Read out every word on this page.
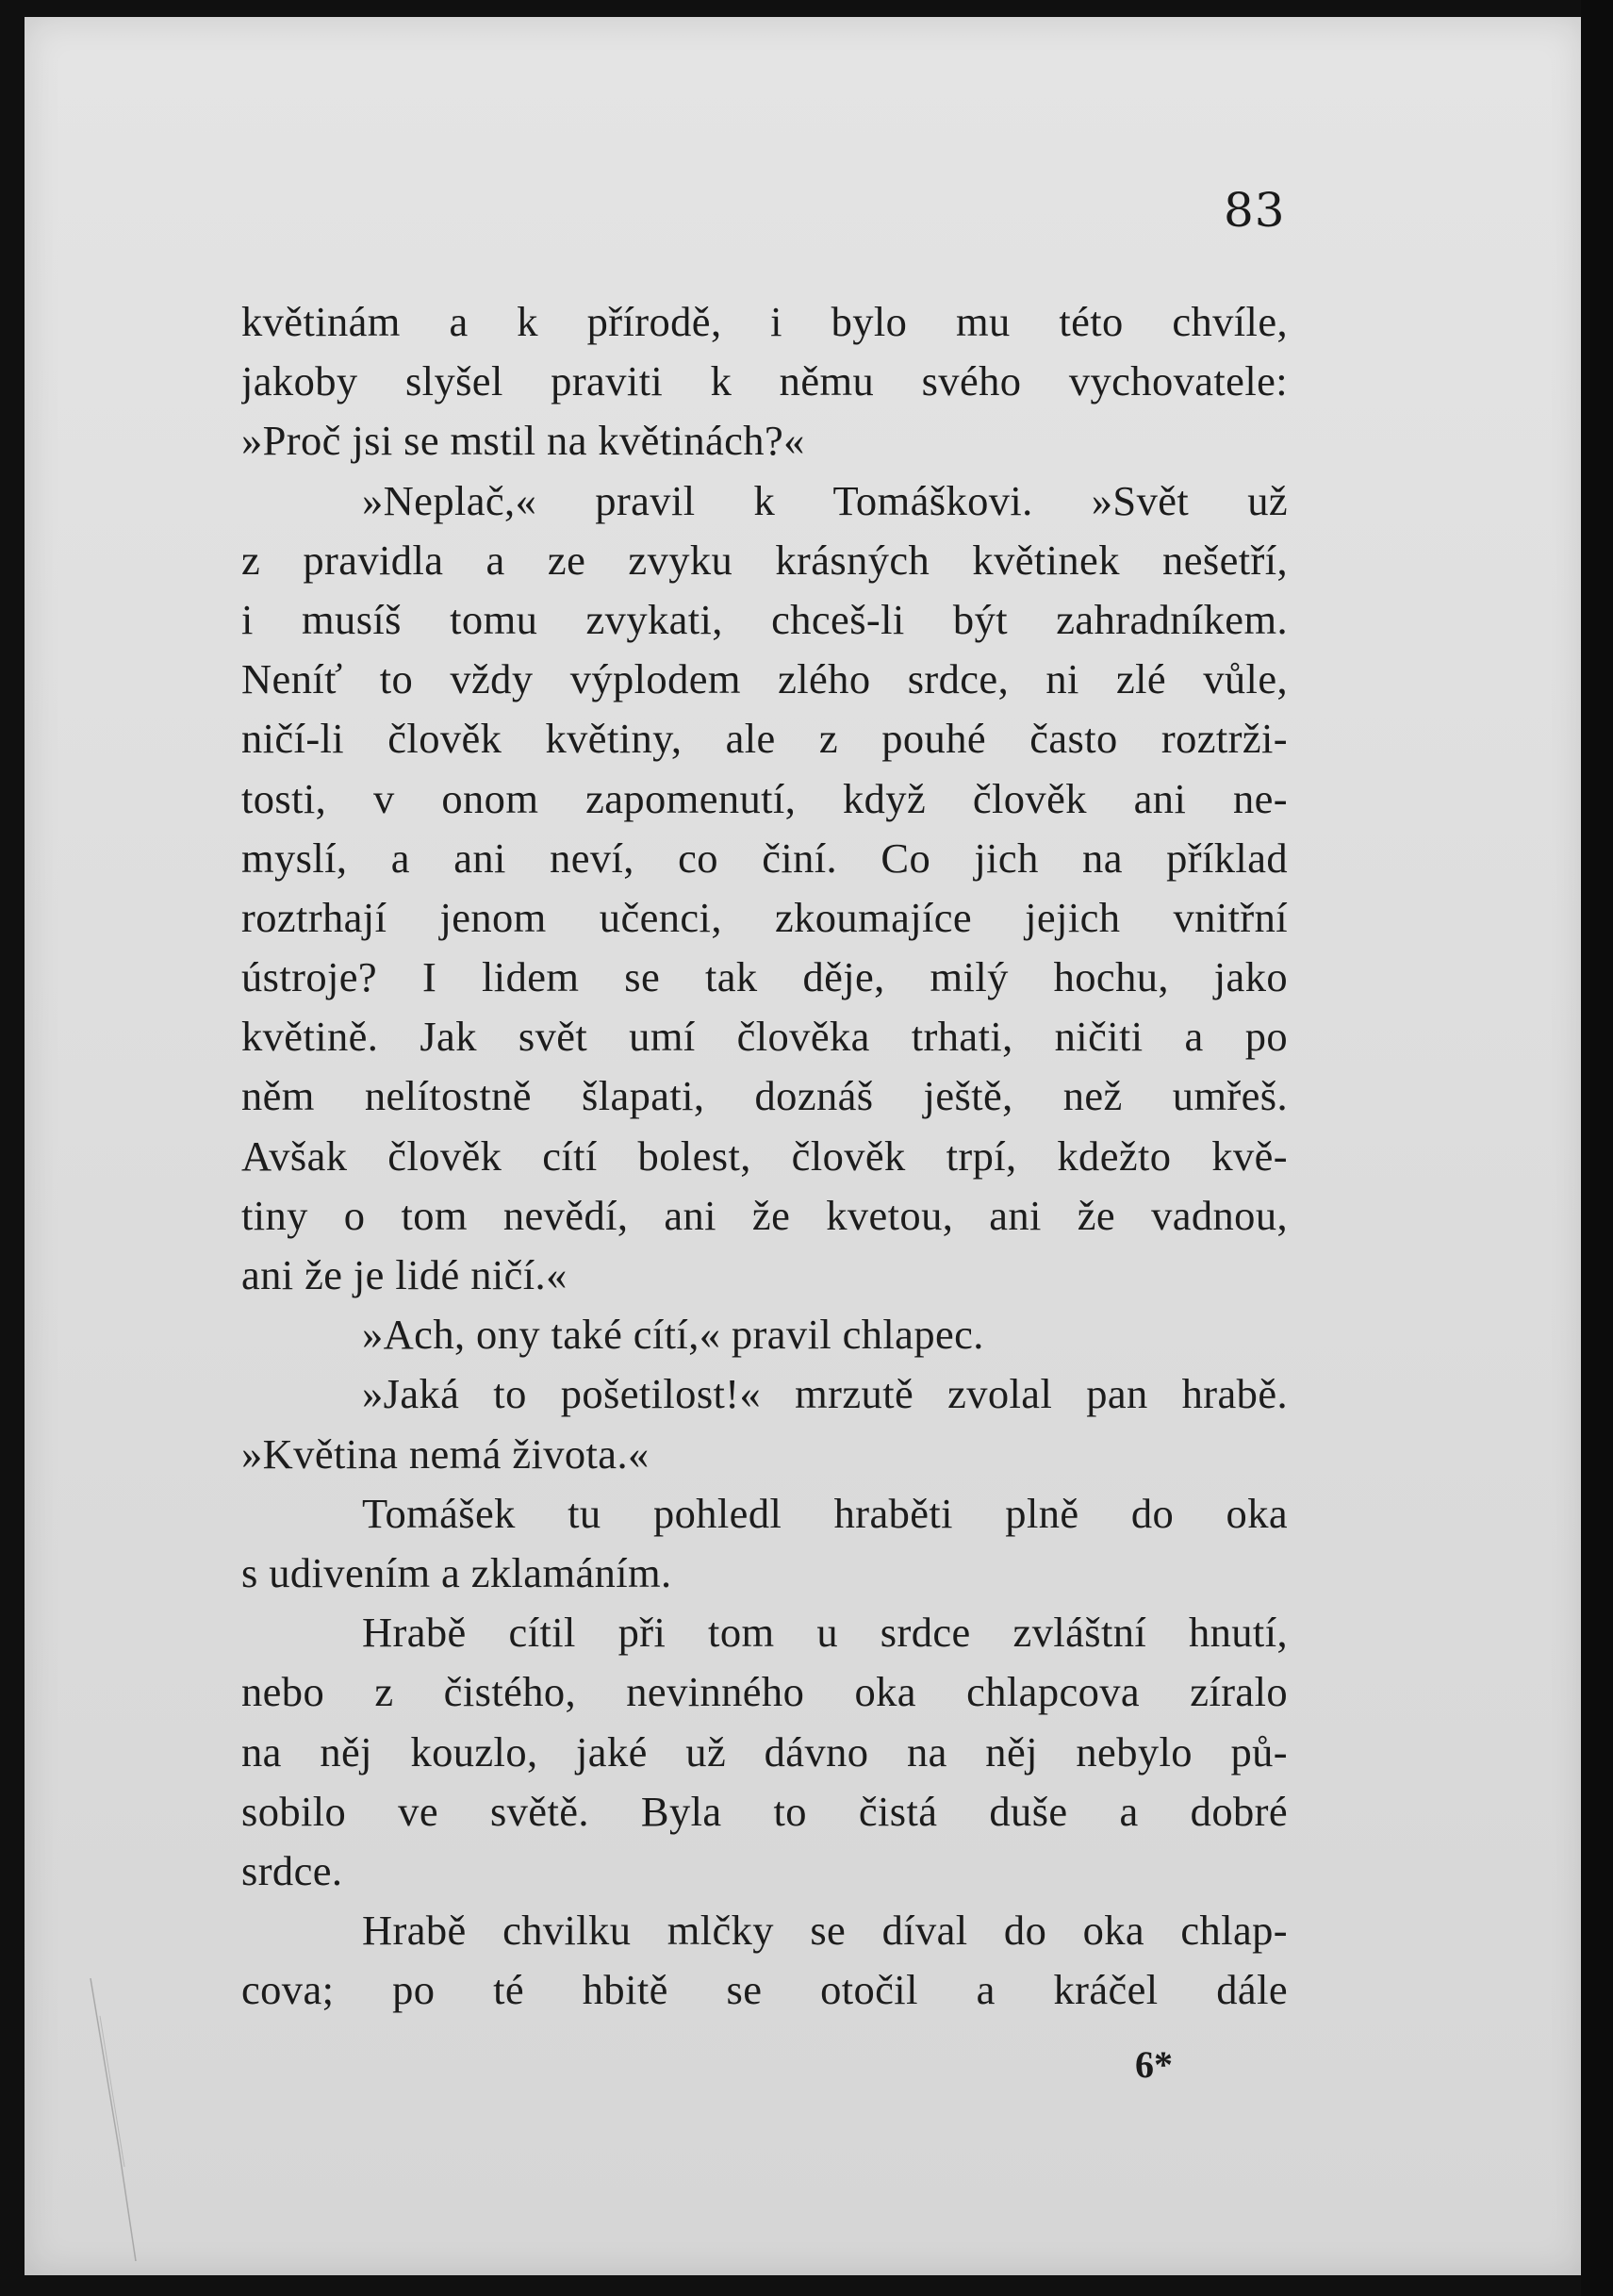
83
květinám a k přírodě, i bylo mu této chvíle,
jakoby slyšel praviti k němu svého vychovatele:
»Proč jsi se mstil na květinách?«
»Neplač,« pravil k Tomáškovi. »Svět už
z pravidla a ze zvyku krásných květinek nešetří,
i musíš tomu zvykati, chceš-li být zahradníkem.
Neníť to vždy výplodem zlého srdce, ni zlé vůle,
ničí-li člověk květiny, ale z pouhé často roztrži-
tosti, v onom zapomenutí, když člověk ani ne-
myslí, a ani neví, co činí. Co jich na příklad
roztrhají jenom učenci, zkoumajíce jejich vnitřní
ústroje? I lidem se tak děje, milý hochu, jako
květině. Jak svět umí člověka trhati, ničiti a po
něm nelítostně šlapati, doznáš ještě, než umřeš.
Avšak člověk cítí bolest, člověk trpí, kdežto kvě-
tiny o tom nevědí, ani že kvetou, ani že vadnou,
ani že je lidé ničí.«
»Ach, ony také cítí,« pravil chlapec.
»Jaká to pošetilost!« mrzutě zvolal pan hrabě.
»Květina nemá života.«
Tomášek tu pohledl hraběti plně do oka
s udivením a zklamáním.
Hrabě cítil při tom u srdce zvláštní hnutí,
nebo z čistého, nevinného oka chlapcova zíralo
na něj kouzlo, jaké už dávno na něj nebylo pů-
sobilo ve světě. Byla to čistá duše a dobré
srdce.
Hrabě chvilku mlčky se díval do oka chlap-
cova; po té hbitě se otočil a kráčel dále
6*
